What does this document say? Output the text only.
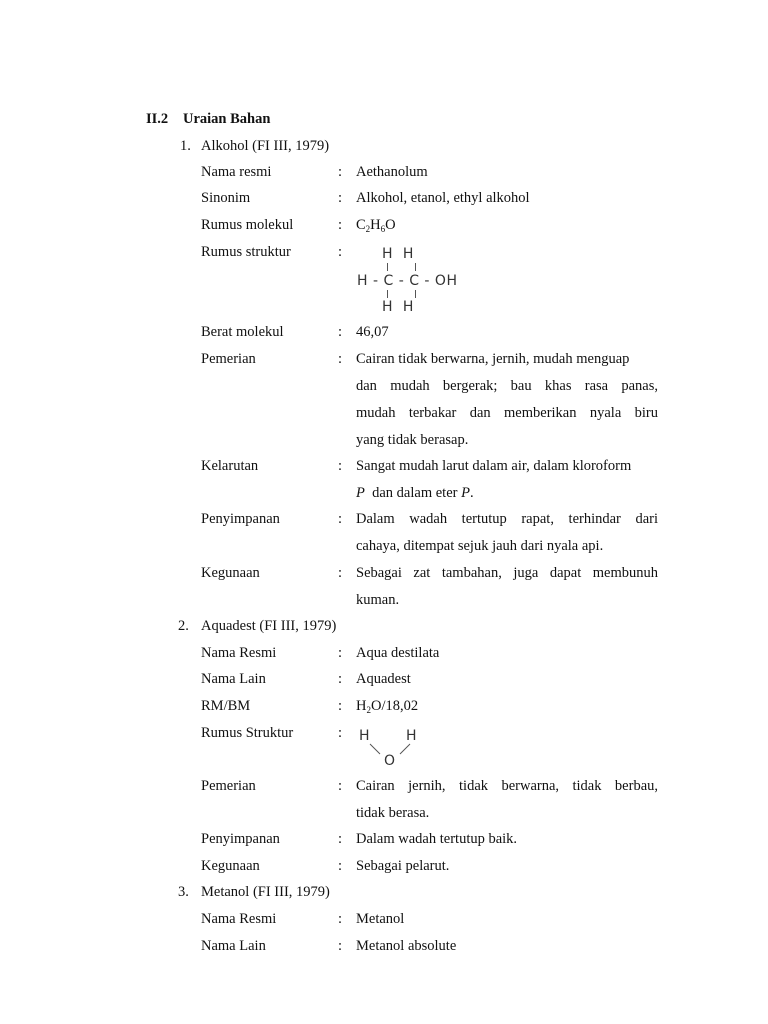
II.2 Uraian Bahan
1. Alkohol (FI III, 1979)
Nama resmi	: Aethanolum
Sinonim	: Alkohol, etanol, ethyl alkohol
Rumus molekul	: $C_2H_6O$
Rumus struktur	:	H  H
H - C - C - OH
H  H
Berat molekul	: 46,07
Pemerian	: Cairan tidak berwarna, jernih, mudah menguap
dan mudah bergerak; bau khas rasa panas,
mudah terbakar dan memberikan nyala biru
yang tidak berasap.
Kelarutan	: Sangat mudah larut dalam air, dalam kloroform
P dan dalam eter P.
Penyimpanan	: Dalam wadah tertutup rapat, terhindar dari
cahaya, ditempat sejuk jauh dari nyala api.
Kegunaan	: Sebagai zat tambahan, juga dapat membunuh
kuman.
2. Aquadest (FI III, 1979)
Nama Resmi	: Aqua destilata
Nama Lain	: Aquadest
RM/BM	: $H_2O/18,02$
Rumus Struktur	: H	H
O
Pemerian	: Cairan jernih, tidak berwarna, tidak berbau,
tidak berasa.
Penyimpanan	: Dalam wadah tertutup baik.
Kegunaan	: Sebagai pelarut.
3. Metanol (FI III, 1979)
Nama Resmi	: Metanol
Nama Lain	: Metanol absolute
